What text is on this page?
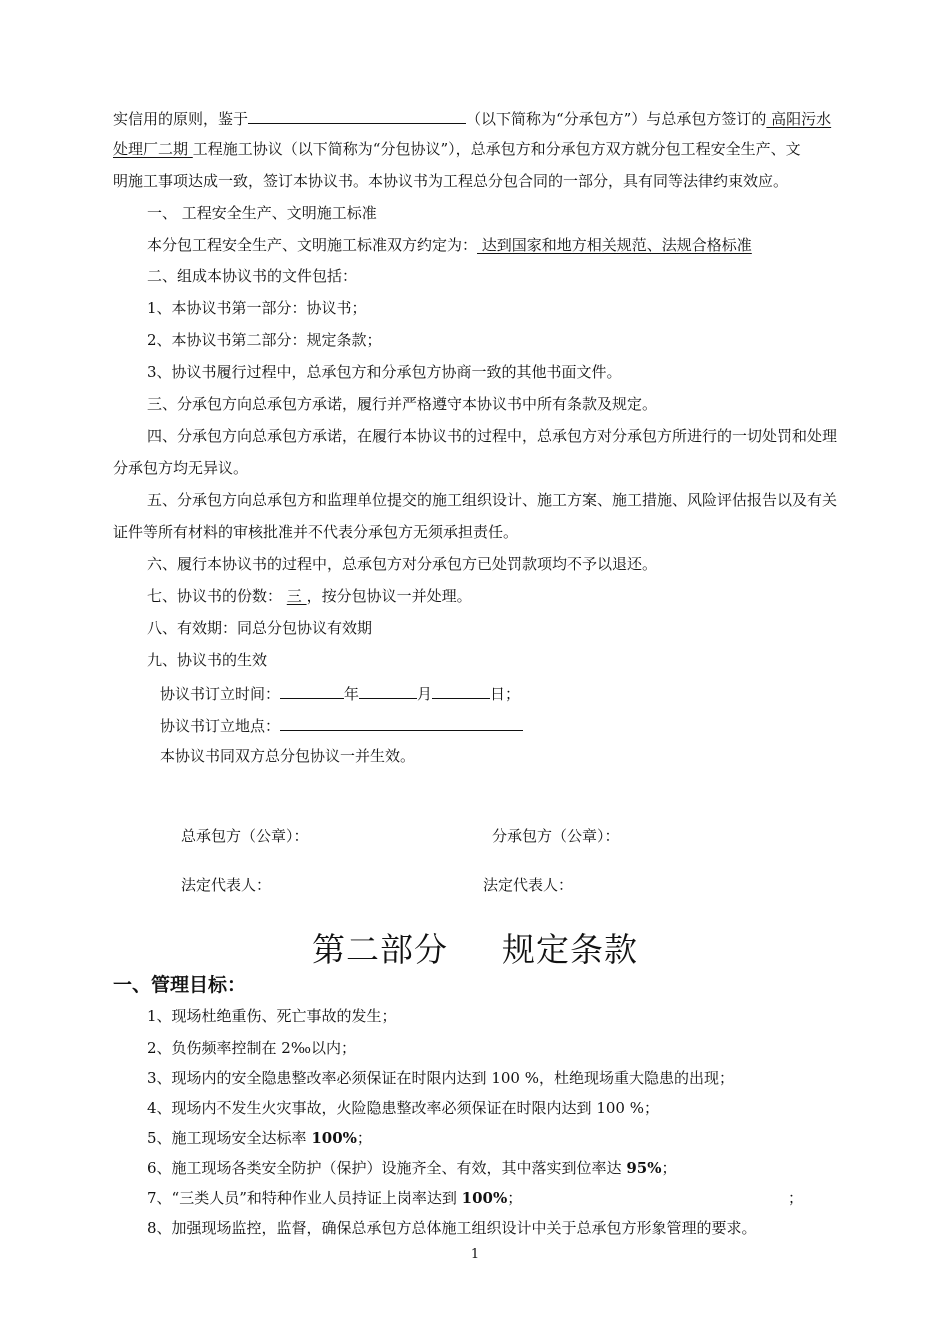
实信用的原则，鉴于	（以下简称为“分承包方”）与总承包方签订的 高阳污水
处理厂二期 工程施工协议（以下简称为“分包协议”），总承包方和分承包方双方就分包工程安全生产、文
明施工事项达成一致，签订本协议书。本协议书为工程总分包合同的一部分，具有同等法律约束效应。
一、 工程安全生产、文明施工标准
本分包工程安全生产、文明施工标准双方约定为： 达到国家和地方相关规范、法规合格标准
二、组成本协议书的文件包括：
1、本协议书第一部分：协议书；
2、本协议书第二部分：规定条款；
3、协议书履行过程中，总承包方和分承包方协商一致的其他书面文件。
三、分承包方向总承包方承诺，履行并严格遵守本协议书中所有条款及规定。
四、分承包方向总承包方承诺，在履行本协议书的过程中，总承包方对分承包方所进行的一切处罚和处理
分承包方均无异议。
五、分承包方向总承包方和监理单位提交的施工组织设计、施工方案、施工措施、风险评估报告以及有关
证件等所有材料的审核批准并不代表分承包方无须承担责任。
六、履行本协议书的过程中，总承包方对分承包方已处罚款项均不予以退还。
七、协议书的份数： 三 ，按分包协议一并处理。
八、有效期：同总分包协议有效期
九、协议书的生效
协议书订立时间：	年	月	日；
协议书订立地点：
本协议书同双方总分包协议一并生效。
总承包方（公章）：	分承包方（公章）：
法定代表人：	法定代表人：
第二部分 规定条款
一、管理目标：
1、现场杜绝重伤、死亡事故的发生；
2、负伤频率控制在 2‰以内；
3、现场内的安全隐患整改率必须保证在时限内达到 100 %，杜绝现场重大隐患的出现；
4、现场内不发生火灾事故，火险隐患整改率必须保证在时限内达到 100 %；
5、施工现场安全达标率 100%；
6、施工现场各类安全防护（保护）设施齐全、有效，其中落实到位率达 95%；
7、“三类人员”和特种作业人员持证上岗率达到 100%；	；
8、加强现场监控，监督，确保总承包方总体施工组织设计中关于总承包方形象管理的要求。
1
